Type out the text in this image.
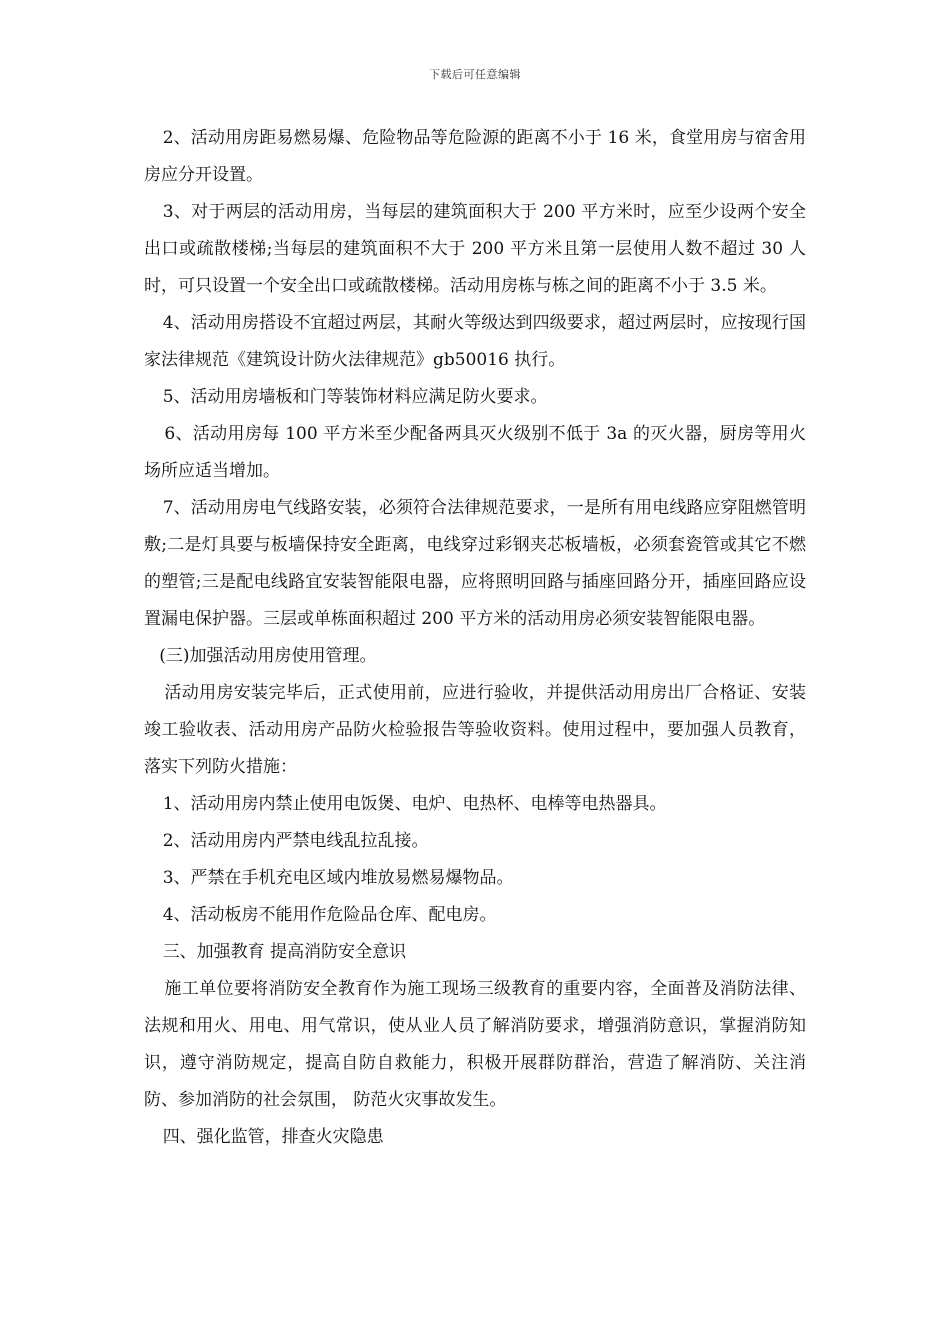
下载后可任意编辑

2、活动用房距易燃易爆、危险物品等危险源的距离不小于 16 米，食堂用房与宿舍用房应分开设置。

3、对于两层的活动用房，当每层的建筑面积大于 200 平方米时，应至少设两个安全出口或疏散楼梯;当每层的建筑面积不大于 200 平方米且第一层使用人数不超过 30 人时，可只设置一个安全出口或疏散楼梯。活动用房栋与栋之间的距离不小于 3.5 米。

4、活动用房搭设不宜超过两层，其耐火等级达到四级要求，超过两层时，应按现行国家法律规范《建筑设计防火法律规范》gb50016 执行。

5、活动用房墙板和门等装饰材料应满足防火要求。

6、活动用房每 100 平方米至少配备两具灭火级别不低于 3a 的灭火器，厨房等用火场所应适当增加。

7、活动用房电气线路安装，必须符合法律规范要求，一是所有用电线路应穿阻燃管明敷;二是灯具要与板墙保持安全距离，电线穿过彩钢夹芯板墙板，必须套瓷管或其它不燃的塑管;三是配电线路宜安装智能限电器，应将照明回路与插座回路分开，插座回路应设置漏电保护器。三层或单栋面积超过 200 平方米的活动用房必须安装智能限电器。

(三)加强活动用房使用管理。

活动用房安装完毕后，正式使用前，应进行验收，并提供活动用房出厂合格证、安装竣工验收表、活动用房产品防火检验报告等验收资料。使用过程中，要加强人员教育，落实下列防火措施：

1、活动用房内禁止使用电饭煲、电炉、电热杯、电棒等电热器具。

2、活动用房内严禁电线乱拉乱接。

3、严禁在手机充电区域内堆放易燃易爆物品。

4、活动板房不能用作危险品仓库、配电房。

三、加强教育 提高消防安全意识

施工单位要将消防安全教育作为施工现场三级教育的重要内容，全面普及消防法律、法规和用火、用电、用气常识，使从业人员了解消防要求，增强消防意识，掌握消防知识，遵守消防规定，提高自防自救能力，积极开展群防群治，营造了解消防、关注消防、参加消防的社会氛围， 防范火灾事故发生。

四、强化监管，排查火灾隐患
